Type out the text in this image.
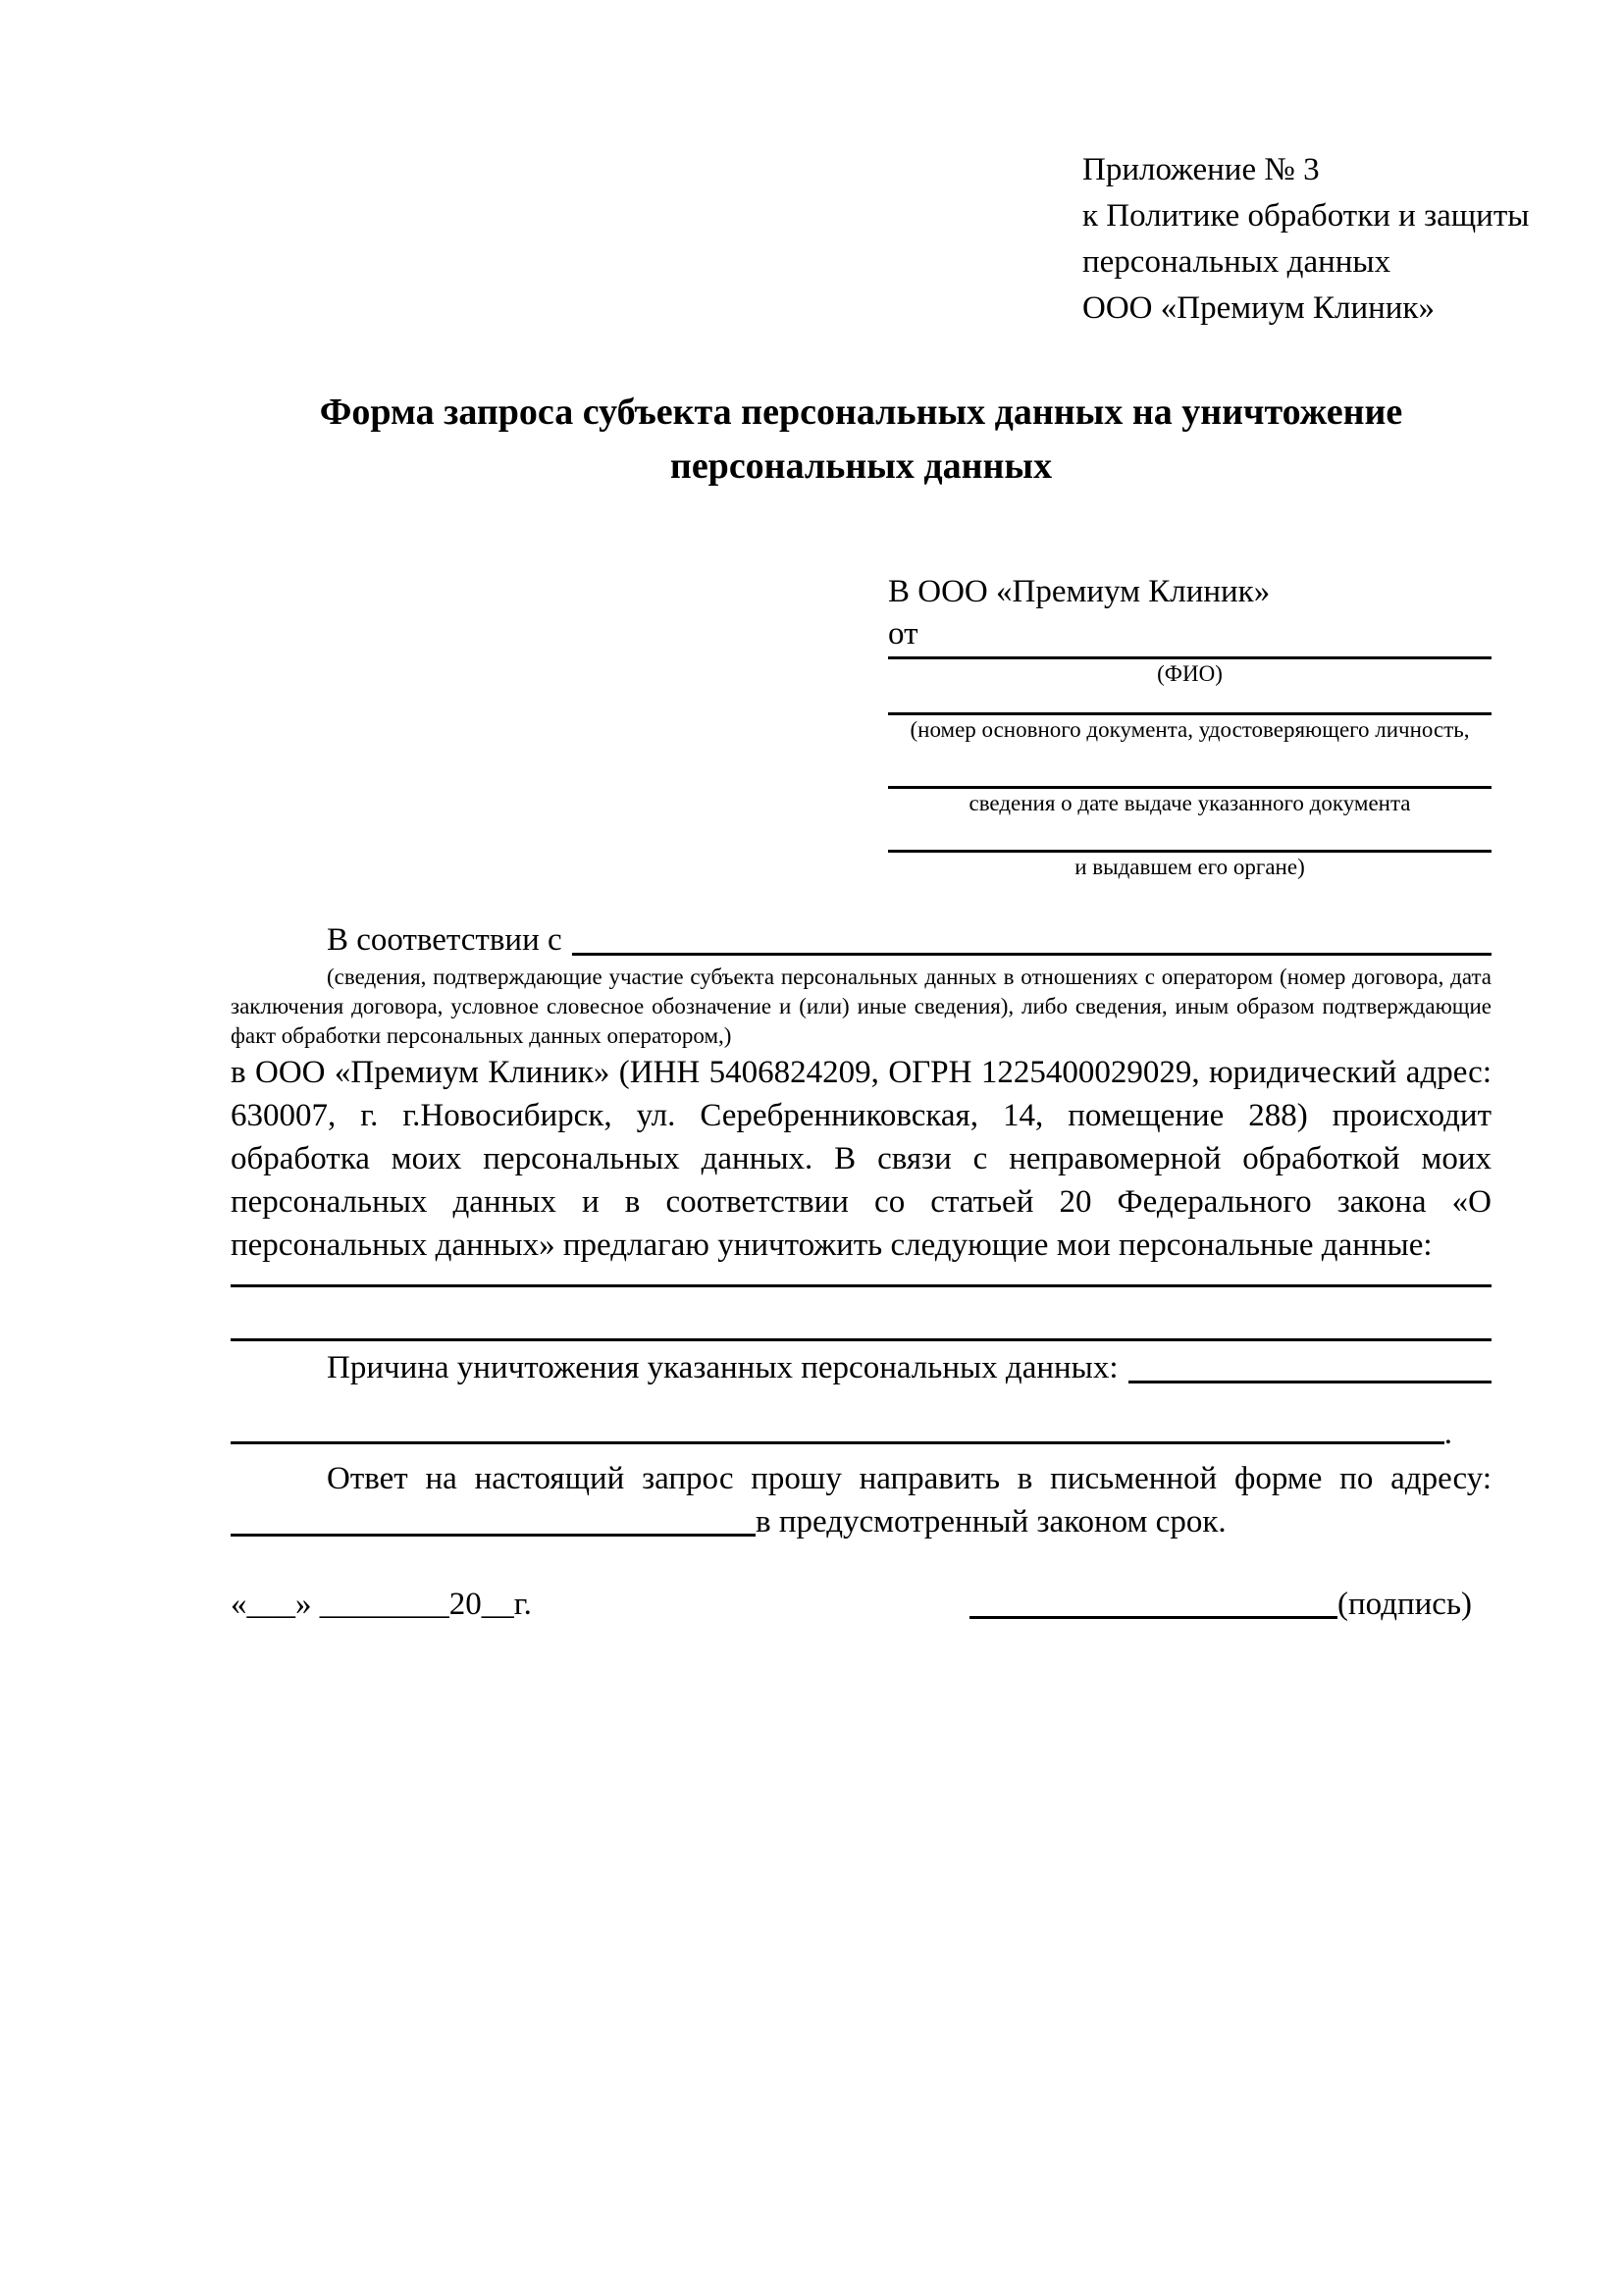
Приложение № 3
к Политике обработки и защиты
персональных данных
ООО «Премиум Клиник»
Форма запроса субъекта персональных данных на уничтожение персональных данных
В ООО «Премиум Клиник»
от
(ФИО)
(номер основного документа, удостоверяющего личность,
сведения о дате выдаче указанного документа
и выдавшем его органе)
В соответствии с
(сведения, подтверждающие участие субъекта персональных данных в отношениях с оператором (номер договора, дата заключения договора, условное словесное обозначение и (или) иные сведения), либо сведения, иным образом подтверждающие факт обработки персональных данных оператором,)

в ООО «Премиум Клиник» (ИНН 5406824209, ОГРН 1225400029029, юридический адрес: 630007, г. г.Новосибирск, ул. Серебренниковская, 14, помещение 288) происходит обработка моих персональных данных. В связи с неправомерной обработкой моих персональных данных и в соответствии со статьей 20 Федерального закона «О персональных данных» предлагаю уничтожить следующие мои персональные данные:

Причина уничтожения указанных персональных данных:
.

Ответ на настоящий запрос прошу направить в письменной форме по адресу:

в предусмотренный законом срок.
«___» ________20__г.	(подпись)
